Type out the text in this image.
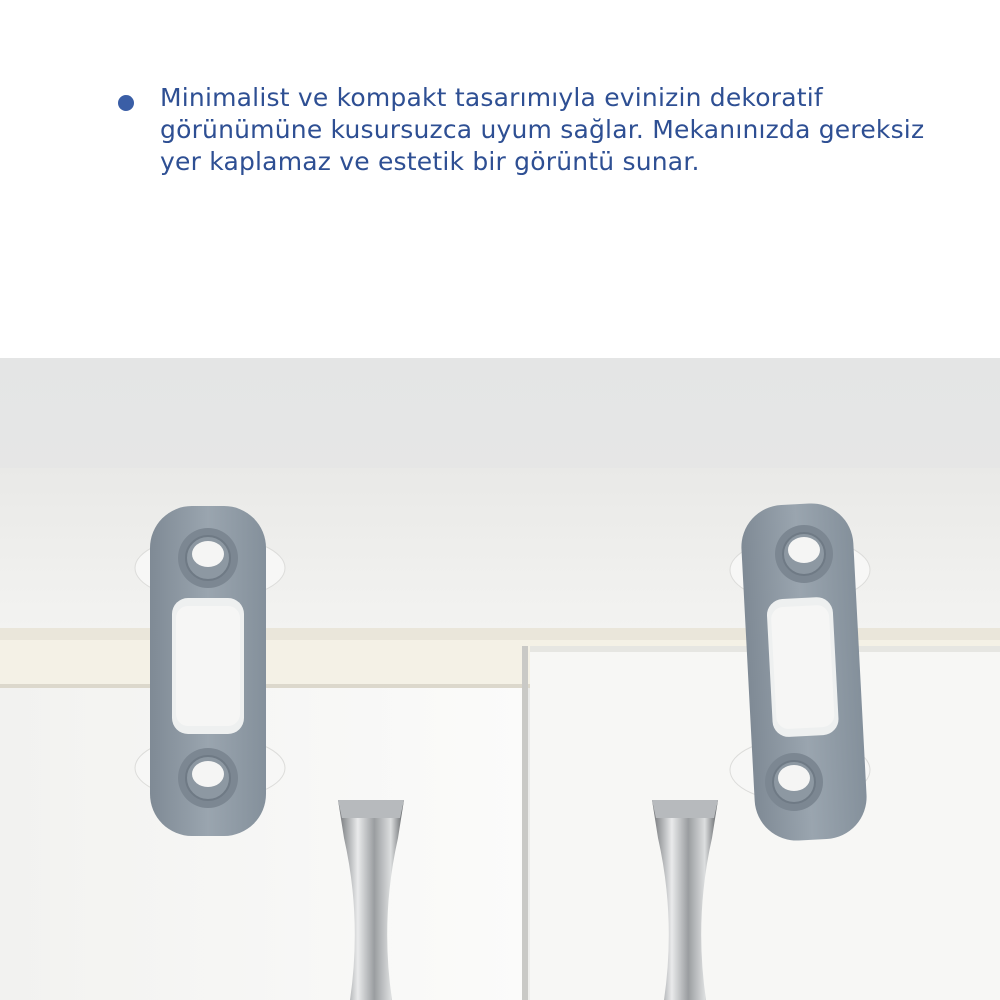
Minimalist ve kompakt tasarımıyla evinizin dekoratif görünümüne kusursuzca uyum sağlar. Mekanınızda gereksiz yer kaplamaz ve estetik bir görüntü sunar.
